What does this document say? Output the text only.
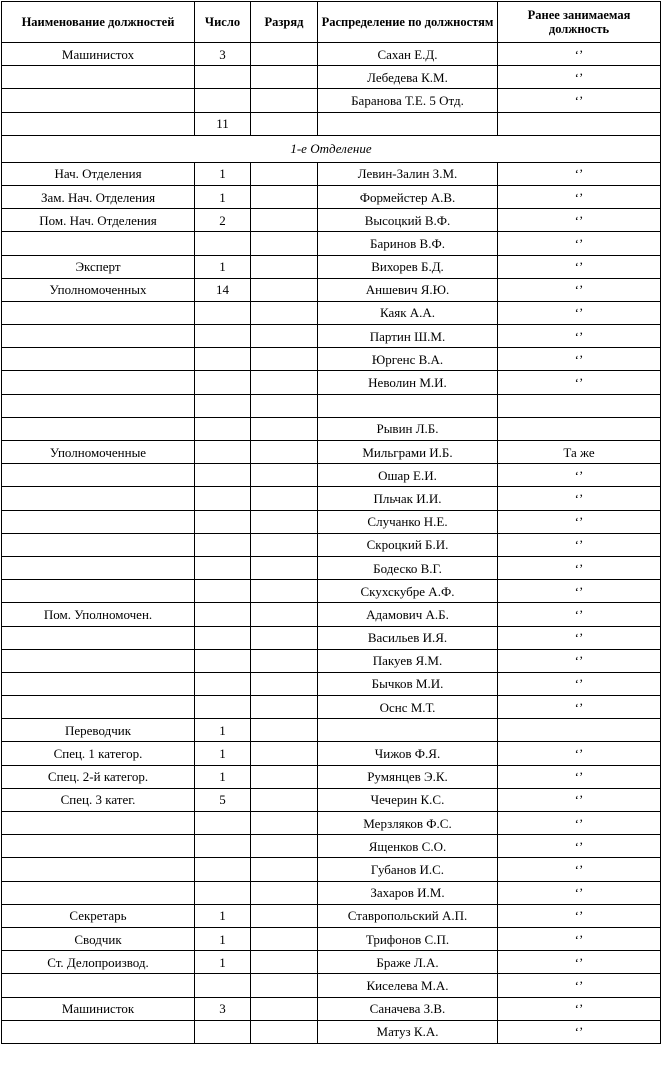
Наименование должностей	Число	Разряд	Распределение по должностям	Ранее занимаемая должность
Машинистох	3		Сахан Е.Д.	‘’
			Лебедева К.М.	‘’
			Баранова Т.Е. 5 Отд.	‘’
	11			
1-е Отделение				
Нач. Отделения	1		Левин-Залин З.М.	‘’
Зам. Нач. Отделения	1		Формейстер А.В.	‘’
Пом. Нач. Отделения	2		Высоцкий В.Ф.	‘’
			Баринов В.Ф.	‘’
Эксперт	1		Вихорев Б.Д.	‘’
Уполномоченных	14		Аншевич Я.Ю.	‘’
			Каяк А.А.	‘’
			Партин Ш.М.	‘’
			Юргенс В.А.	‘’
			Неволин М.И.	‘’

			Рывин Л.Б.	
Уполномоченные			Мильграми И.Б.	Та же
			Ошар Е.И.	‘’
			Пльчак И.И.	‘’
			Случанко Н.Е.	‘’
			Скроцкий Б.И.	‘’
			Бодеско В.Г.	‘’
			Скухскубре А.Ф.	‘’
Пом. Уполномочен.			Адамович А.Б.	‘’
			Васильев И.Я.	‘’
			Пакуев Я.М.	‘’
			Бычков М.И.	‘’
			Оснс М.Т.	‘’
Переводчик	1			
Спец. 1 категор.	1		Чижов Ф.Я.	‘’
Спец. 2-й категор.	1		Румянцев Э.К.	‘’
Спец. 3 катег.	5		Чечерин К.С.	‘’
			Мерзляков Ф.С.	‘’
			Ященков С.О.	‘’
			Губанов И.С.	‘’
			Захаров И.М.	‘’
Секретарь	1		Ставропольский А.П.	‘’
Сводчик	1		Трифонов С.П.	‘’
Ст. Делопроизвод.	1		Браже Л.А.	‘’
			Киселева М.А.	‘’
Машинисток	3		Саначева З.В.	‘’
			Матуз К.А.	‘’
